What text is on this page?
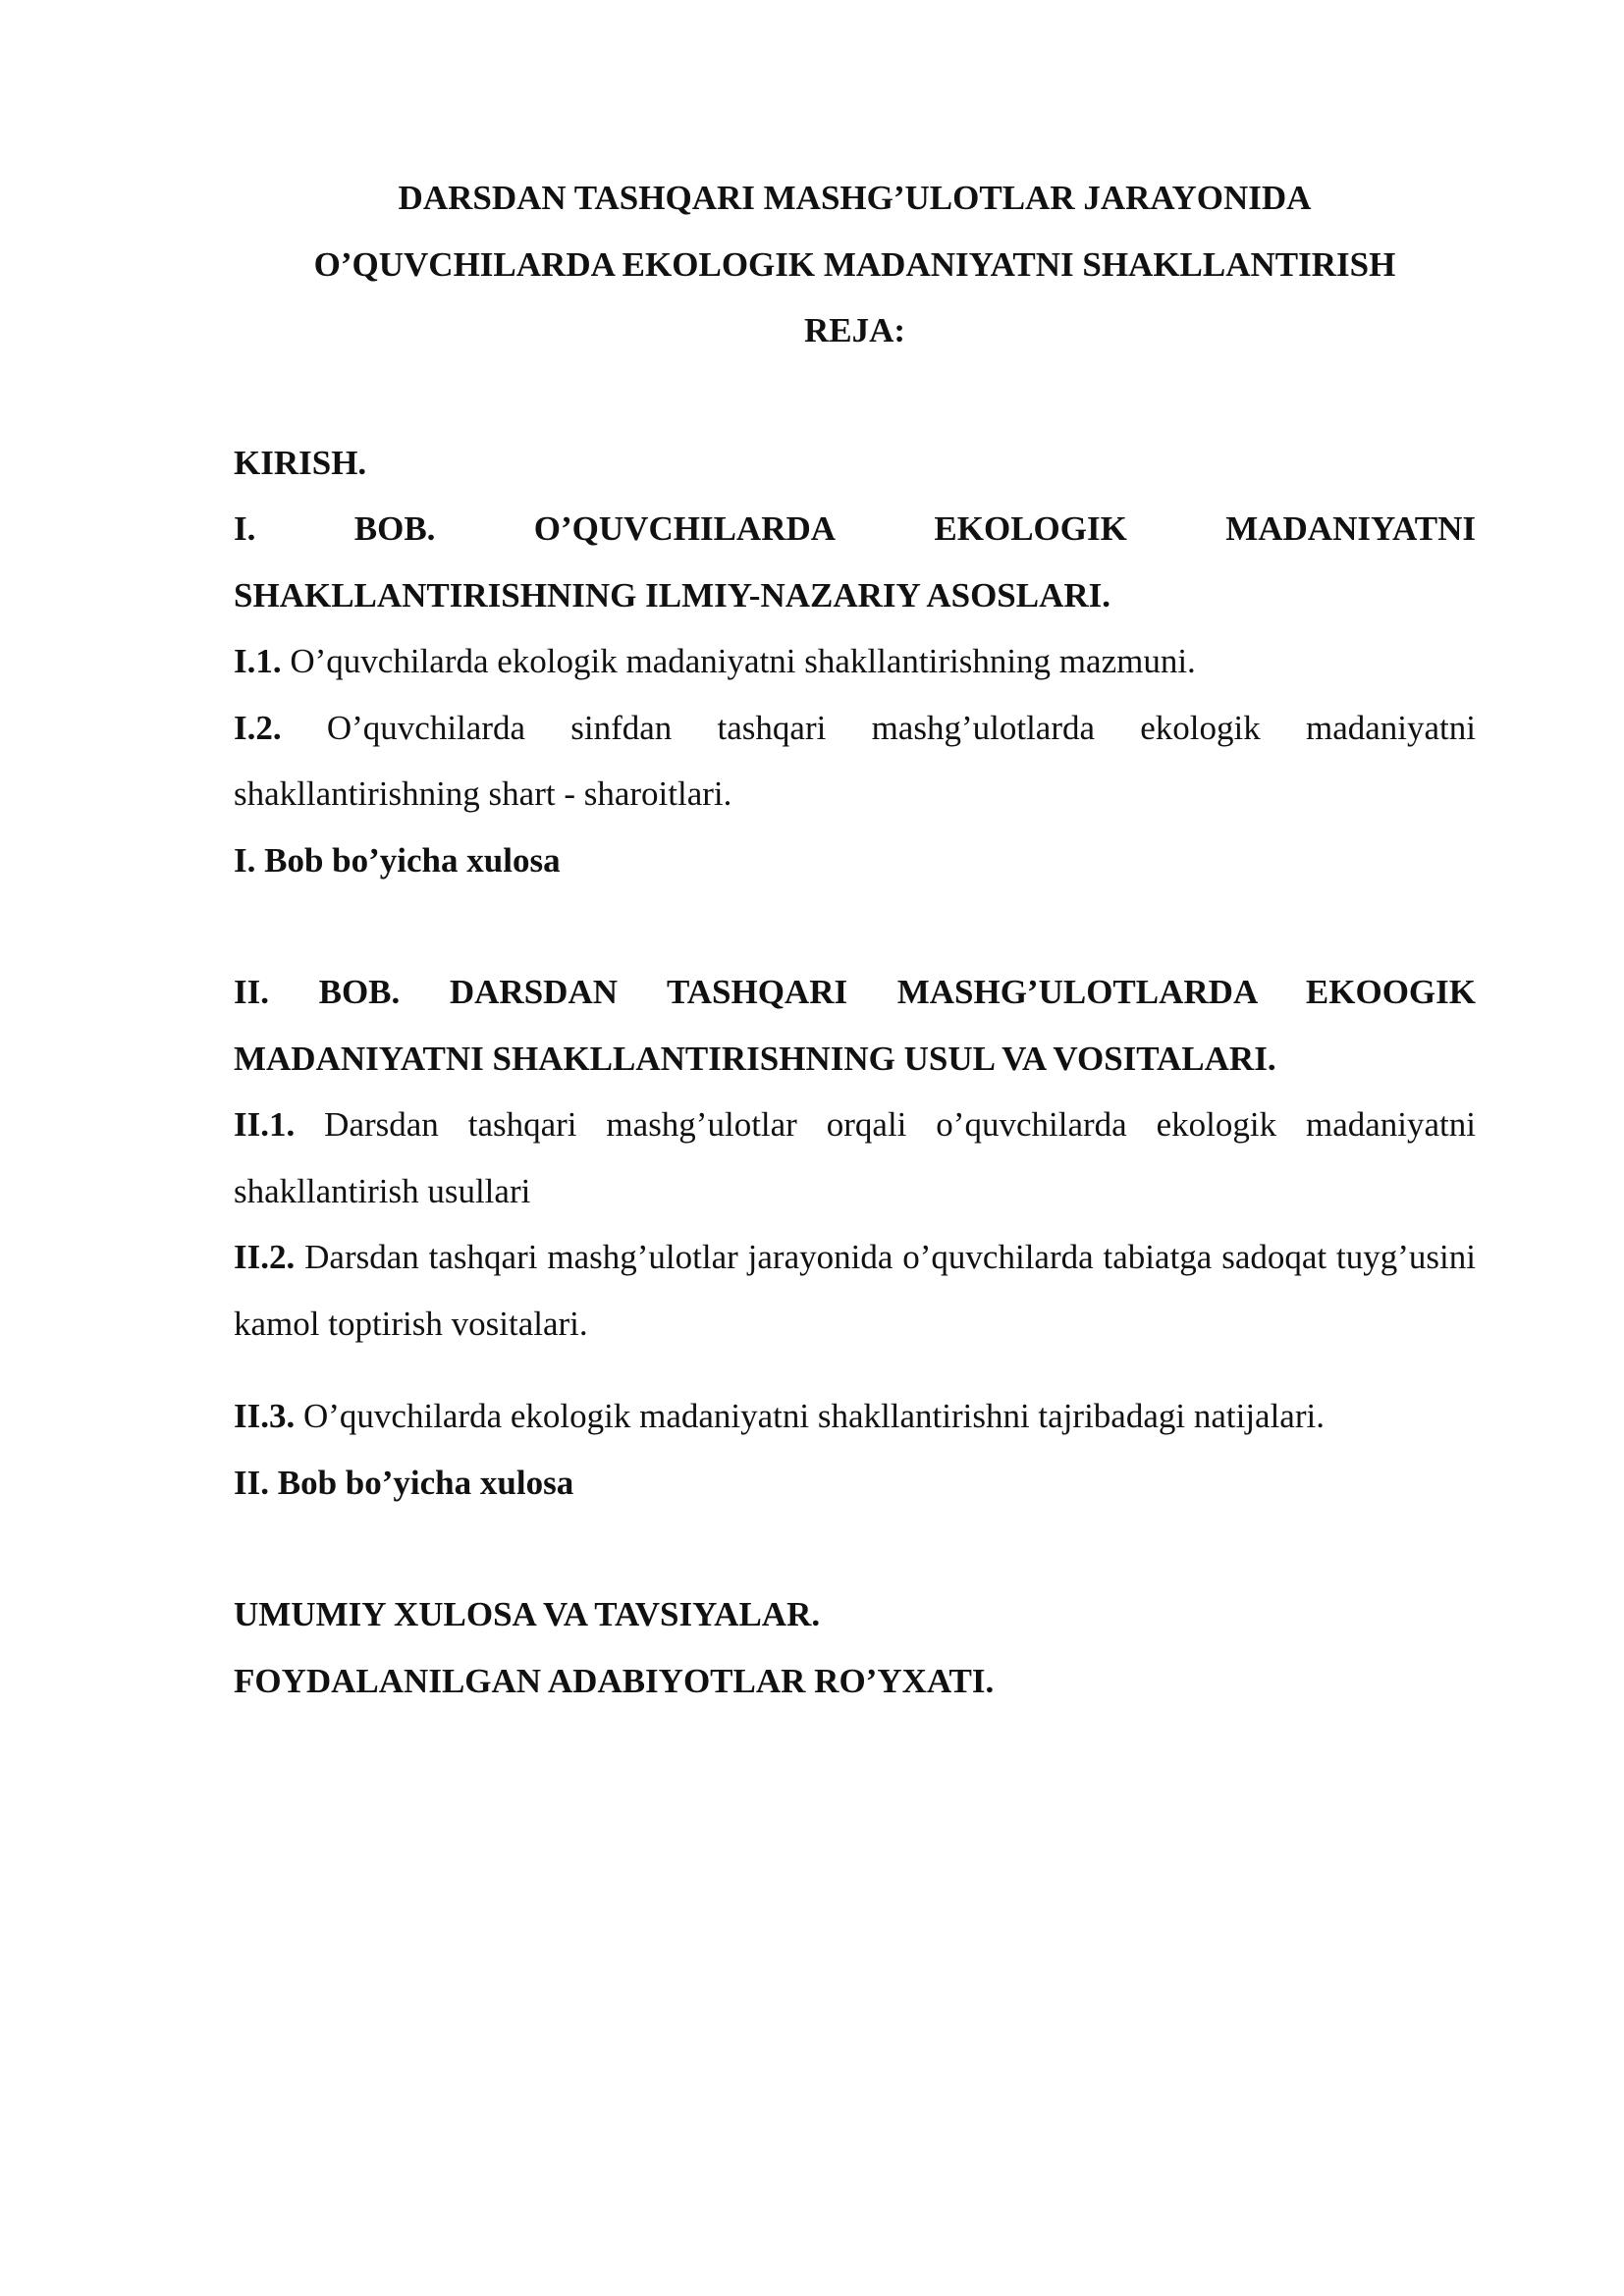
DARSDAN TASHQARI MASHG’ULOTLAR JARAYONIDA
O’QUVCHILARDA EKOLOGIK MADANIYATNI SHAKLLANTIRISH
REJA:

KIRISH.

I.	BOB.	O’QUVCHILARDA	EKOLOGIK	MADANIYATNI

SHAKLLANTIRISHNING ILMIY-NAZARIY ASOSLARI.

I.1. O’quvchilarda ekologik madaniyatni shakllantirishning mazmuni.

I.2. O’quvchilarda sinfdan tashqari mashg’ulotlarda ekologik madaniyatni shakllantirishning shart - sharoitlari.

I. Bob bo’yicha xulosa

II. BOB. DARSDAN TASHQARI MASHG’ULOTLARDA EKOOGIK MADANIYATNI SHAKLLANTIRISHNING USUL VA VOSITALARI.

II.1. Darsdan tashqari mashg’ulotlar orqali o’quvchilarda ekologik madaniyatni shakllantirish usullari

II.2. Darsdan tashqari mashg’ulotlar jarayonida o’quvchilarda tabiatga sadoqat tuyg’usini kamol toptirish vositalari.

II.3. O’quvchilarda ekologik madaniyatni shakllantirishni tajribadagi natijalari.

II. Bob bo’yicha xulosa

UMUMIY XULOSA VA TAVSIYALAR.

FOYDALANILGAN ADABIYOTLAR RO’YXATI.
